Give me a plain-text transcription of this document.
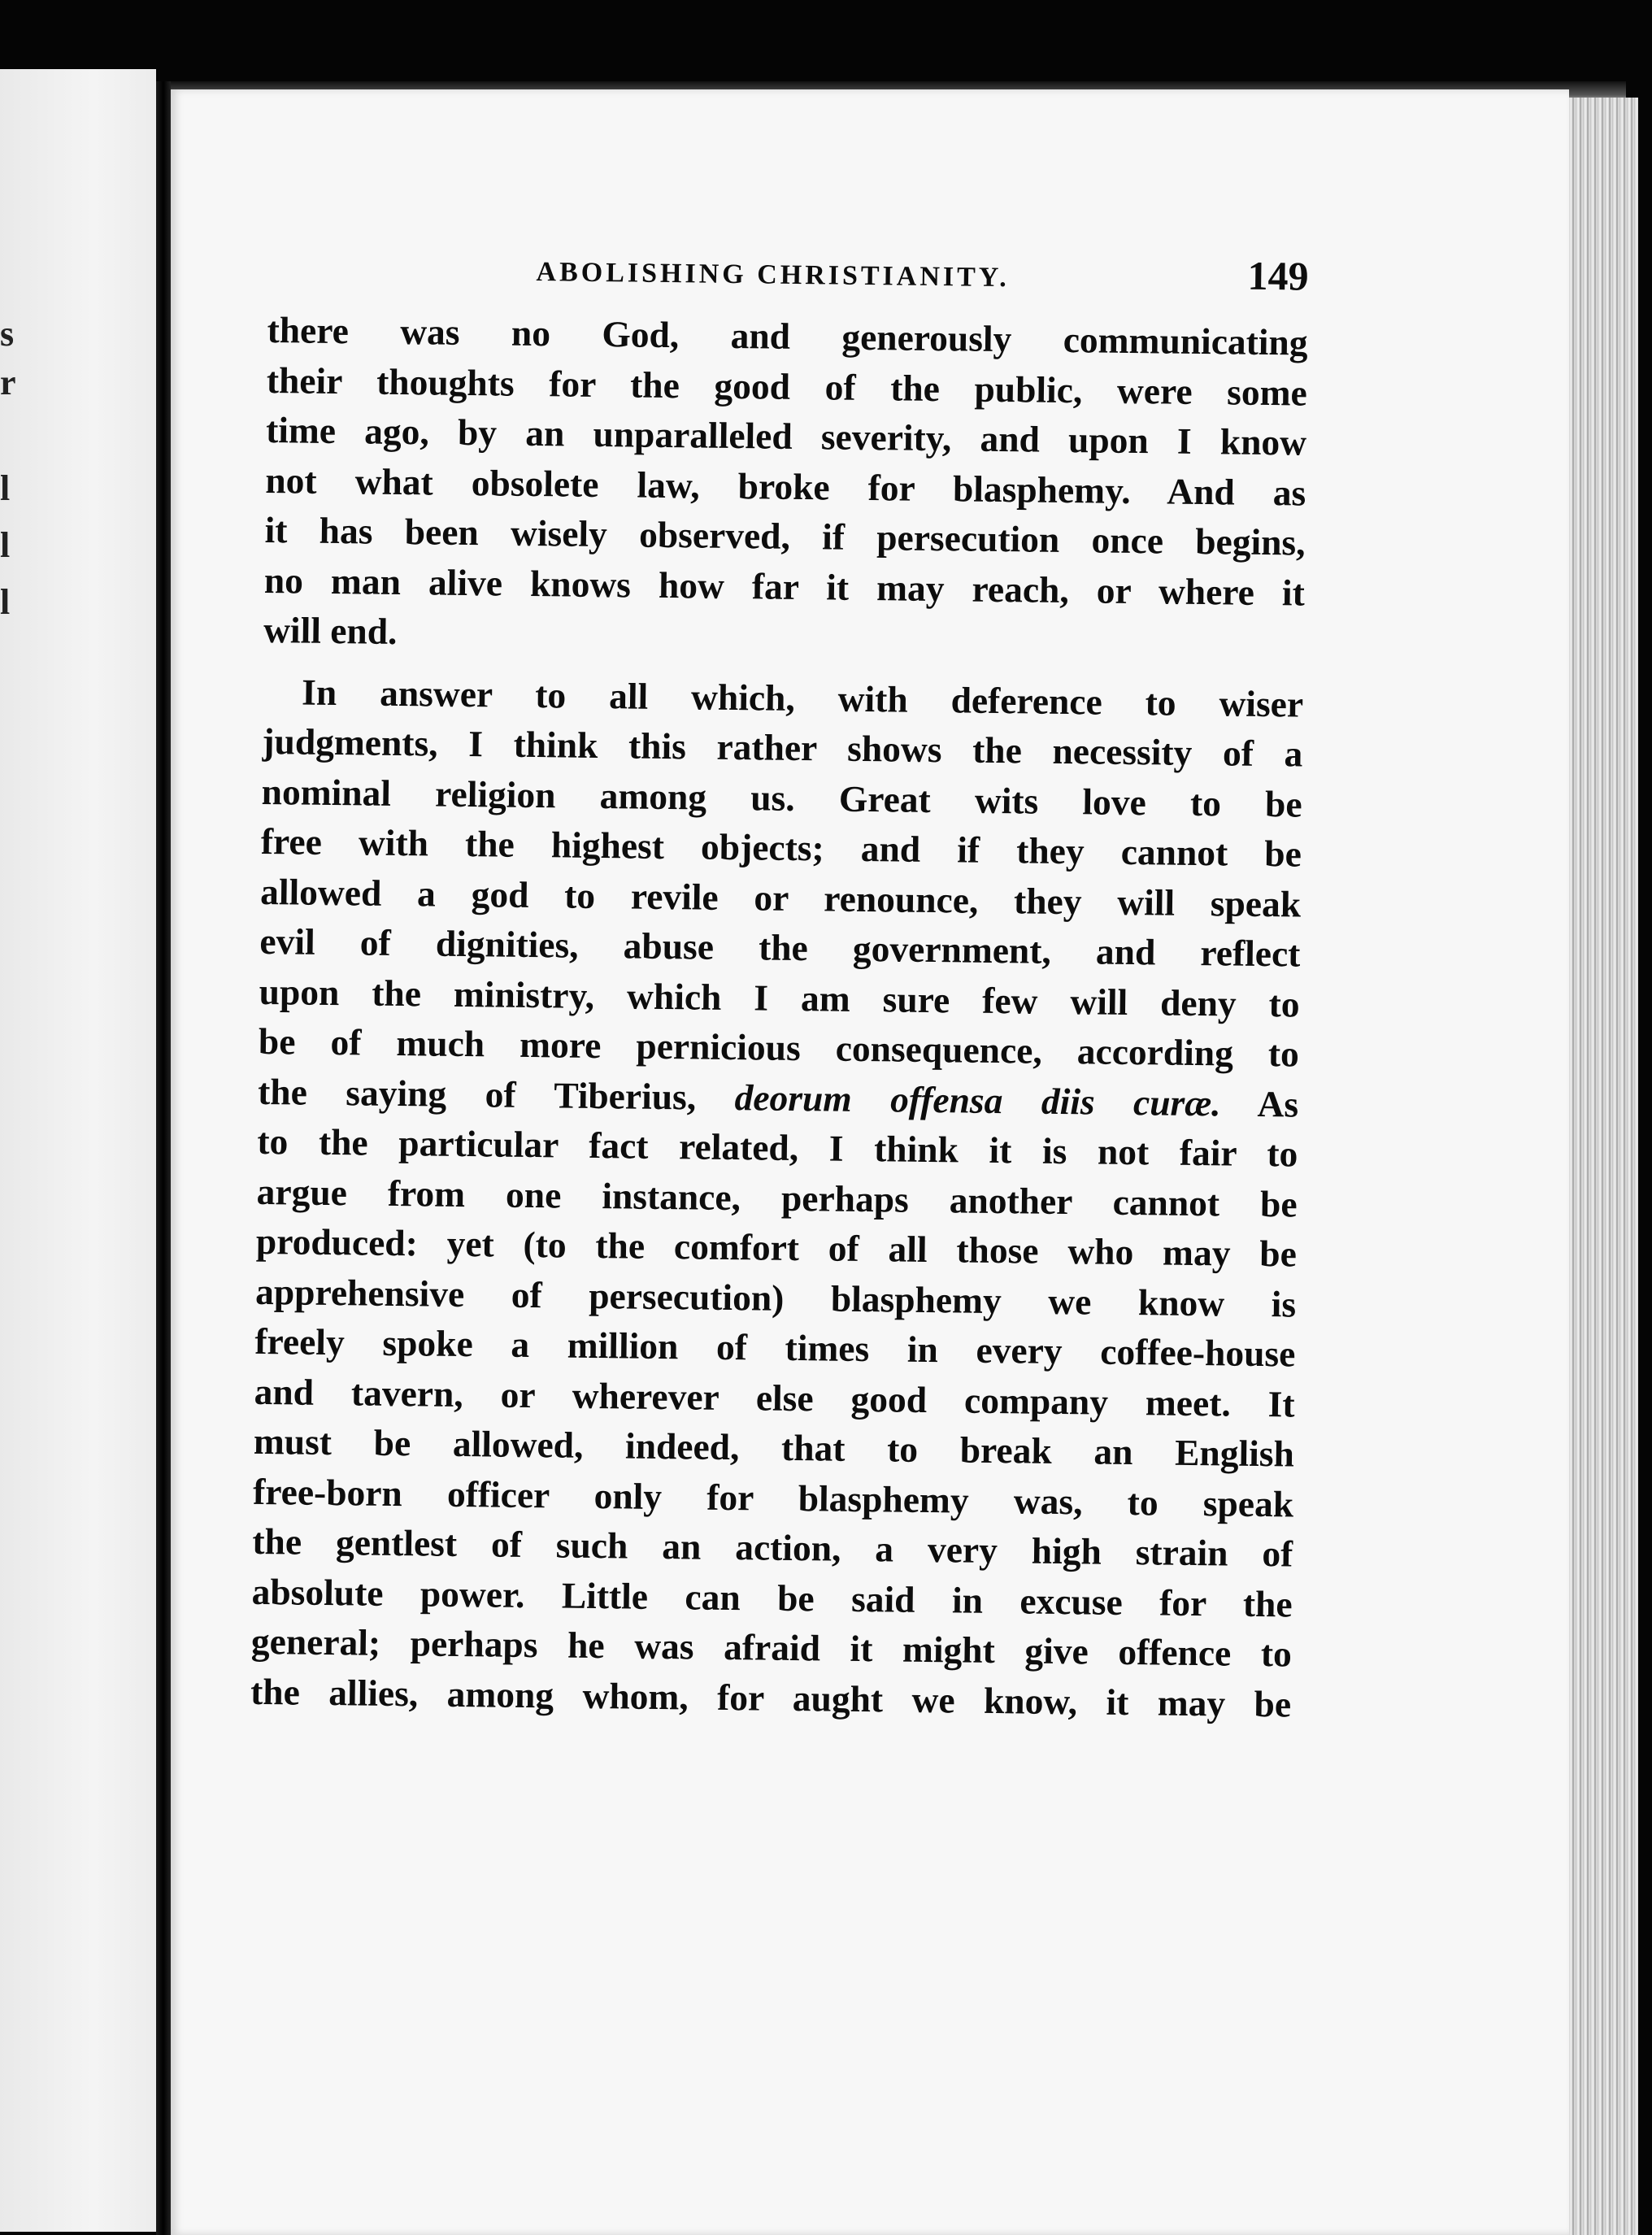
s
r
l
l
l
ABOLISHING CHRISTIANITY.	149

there was no God, and generously communicating
their thoughts for the good of the public, were some
time ago, by an unparalleled severity, and upon I know
not what obsolete law, broke for blasphemy. And as
it has been wisely observed, if persecution once begins,
no man alive knows how far it may reach, or where it
will end.

In answer to all which, with deference to wiser
judgments, I think this rather shows the necessity of a
nominal religion among us. Great wits love to be
free with the highest objects; and if they cannot be
allowed a god to revile or renounce, they will speak
evil of dignities, abuse the government, and reflect
upon the ministry, which I am sure few will deny to
be of much more pernicious consequence, according to
the saying of Tiberius, deorum offensa diis curæ. As
to the particular fact related, I think it is not fair to
argue from one instance, perhaps another cannot be
produced: yet (to the comfort of all those who may be
apprehensive of persecution) blasphemy we know is
freely spoke a million of times in every coffee-house
and tavern, or wherever else good company meet. It
must be allowed, indeed, that to break an English
free-born officer only for blasphemy was, to speak
the gentlest of such an action, a very high strain of
absolute power. Little can be said in excuse for the
general; perhaps he was afraid it might give offence to
the allies, among whom, for aught we know, it may be
